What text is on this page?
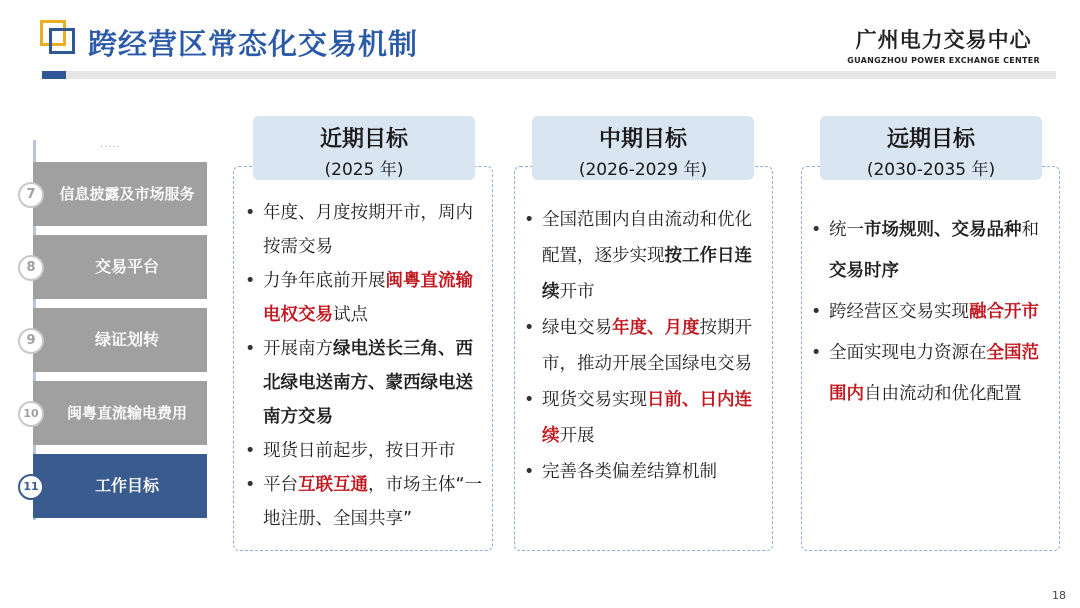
跨经营区常态化交易机制	广州电力交易中心
GUANGZHOU POWER EXCHANGE CENTER
·····
7	信息披露及市场服务
8	交易平台
9	绿证划转
10	闽粤直流输电费用
11	工作目标
近期目标
(2025 年)
• 年度、月度按期开市，周内按需交易
• 力争年底前开展闽粤直流输电权交易试点
• 开展南方绿电送长三角、西北绿电送南方、蒙西绿电送南方交易
• 现货日前起步，按日开市
• 平台互联互通，市场主体“一地注册、全国共享”
中期目标
(2026-2029 年)
• 全国范围内自由流动和优化配置，逐步实现按工作日连续开市
• 绿电交易年度、月度按期开市，推动开展全国绿电交易
• 现货交易实现日前、日内连续开展
• 完善各类偏差结算机制
远期目标
(2030-2035 年)
• 统一市场规则、交易品种和交易时序
• 跨经营区交易实现融合开市
• 全面实现电力资源在全国范围内自由流动和优化配置
18
